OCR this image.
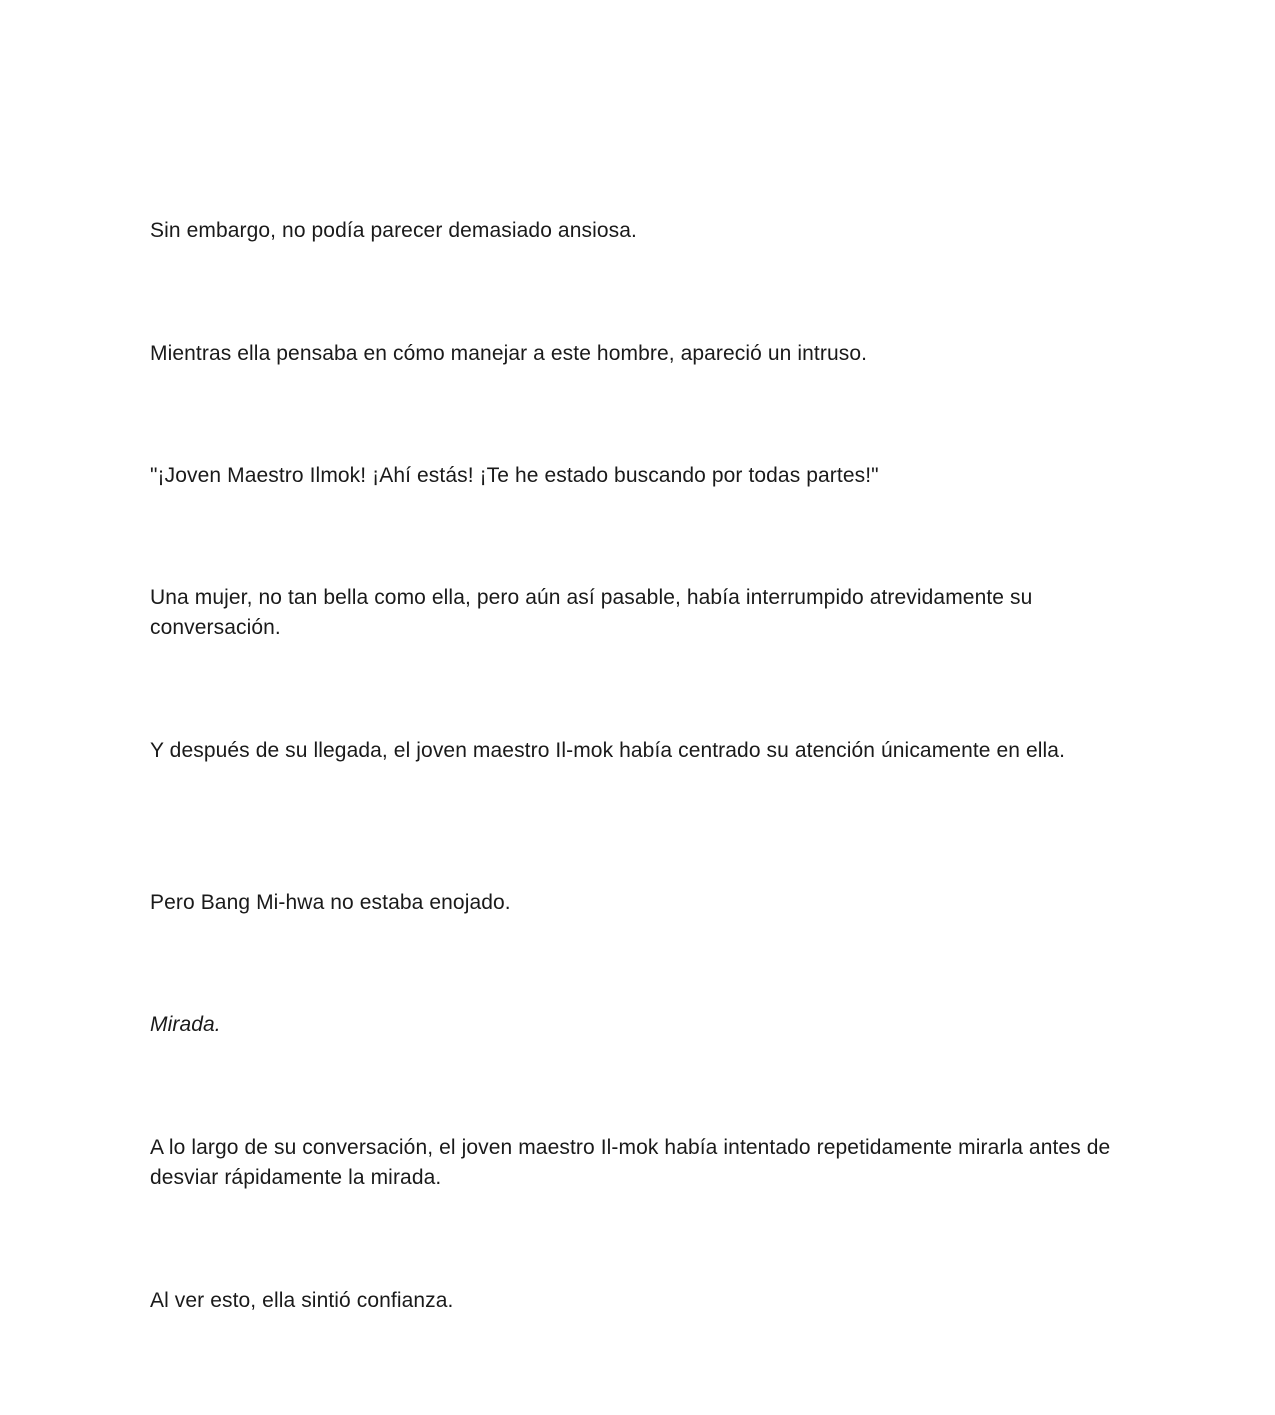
Sin embargo, no podía parecer demasiado ansiosa.

Mientras ella pensaba en cómo manejar a este hombre, apareció un intruso.

"¡Joven Maestro Ilmok! ¡Ahí estás! ¡Te he estado buscando por todas partes!"

Una mujer, no tan bella como ella, pero aún así pasable, había interrumpido atrevidamente su conversación.

Y después de su llegada, el joven maestro Il-mok había centrado su atención únicamente en ella.

Pero Bang Mi-hwa no estaba enojado.

Mirada.

A lo largo de su conversación, el joven maestro Il-mok había intentado repetidamente mirarla antes de desviar rápidamente la mirada.

Al ver esto, ella sintió confianza.
